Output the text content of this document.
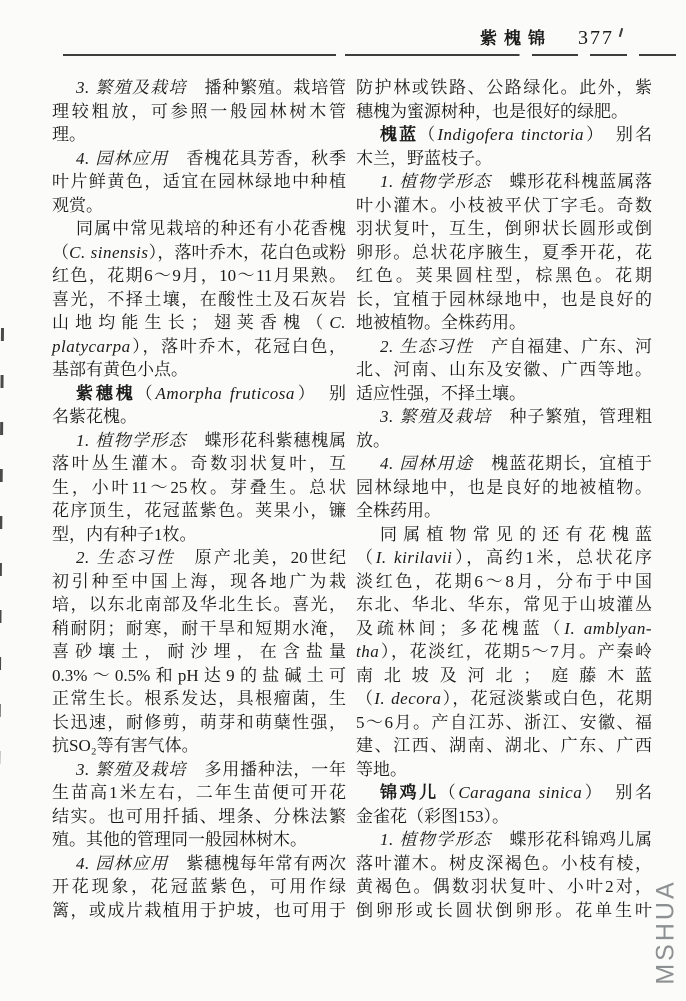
紫槐锦 377
3. 繁殖及栽培　播种繁殖。栽培管
理较粗放，可参照一般园林树木管
理。
4. 园林应用　香槐花具芳香，秋季
叶片鲜黄色，适宜在园林绿地中种植
观赏。
同属中常见栽培的种还有小花香槐
（C. sinensis），落叶乔木，花白色或粉
红色，花期6～9月，10～11月果熟。
喜光，不择土壤，在酸性土及石灰岩
山地均能生长；翅荚香槐（C.
platycarpa），落叶乔木，花冠白色，
基部有黄色小点。
紫穗槐（Amorpha fruticosa）　别
名紫花槐。
1. 植物学形态　蝶形花科紫穗槐属
落叶丛生灌木。奇数羽状复叶，互
生，小叶11～25枚。芽叠生。总状
花序顶生，花冠蓝紫色。荚果小，镰
型，内有种子1枚。
2. 生态习性　原产北美，20世纪
初引种至中国上海，现各地广为栽
培，以东北南部及华北生长。喜光，
稍耐阴；耐寒，耐干旱和短期水淹，
喜砂壤土，耐沙埋，在含盐量
0.3%～0.5%和pH达9的盐碱土可
正常生长。根系发达，具根瘤菌，生
长迅速，耐修剪，萌芽和萌蘖性强，
抗SO₂等有害气体。
3. 繁殖及栽培　多用播种法，一年
生苗高1米左右，二年生苗便可开花
结实。也可用扦插、埋条、分株法繁
殖。其他的管理同一般园林树木。
4. 园林应用　紫穗槐每年常有两次
开花现象，花冠蓝紫色，可用作绿
篱，或成片栽植用于护坡，也可用于
防护林或铁路、公路绿化。此外，紫
穗槐为蜜源树种，也是很好的绿肥。
槐蓝（Indigofera tinctoria）　别名
木兰，野蓝枝子。
1. 植物学形态　蝶形花科槐蓝属落
叶小灌木。小枝被平伏丁字毛。奇数
羽状复叶，互生，倒卵状长圆形或倒
卵形。总状花序腋生，夏季开花，花
红色。荚果圆柱型，棕黑色。花期
长，宜植于园林绿地中，也是良好的
地被植物。全株药用。
2. 生态习性　产自福建、广东、河
北、河南、山东及安徽、广西等地。
适应性强，不择土壤。
3. 繁殖及栽培　种子繁殖，管理粗
放。
4. 园林用途　槐蓝花期长，宜植于
园林绿地中，也是良好的地被植物。
全株药用。
同属植物常见的还有花槐蓝
（I. kirilavii），高约1米，总状花序
淡红色，花期6～8月，分布于中国
东北、华北、华东，常见于山坡灌丛
及疏林间；多花槐蓝（I. amblyan-
tha），花淡红，花期5～7月。产秦岭
南北坡及河北；庭藤木蓝
（I. decora），花冠淡紫或白色，花期
5～6月。产自江苏、浙江、安徽、福
建、江西、湖南、湖北、广东、广西
等地。
锦鸡儿（Caragana sinica）　别名
金雀花（彩图153）。
1. 植物学形态　蝶形花科锦鸡儿属
落叶灌木。树皮深褐色。小枝有棱，
黄褐色。偶数羽状复叶、小叶2对，
倒卵形或长圆状倒卵形。花单生叶 MSHUA
